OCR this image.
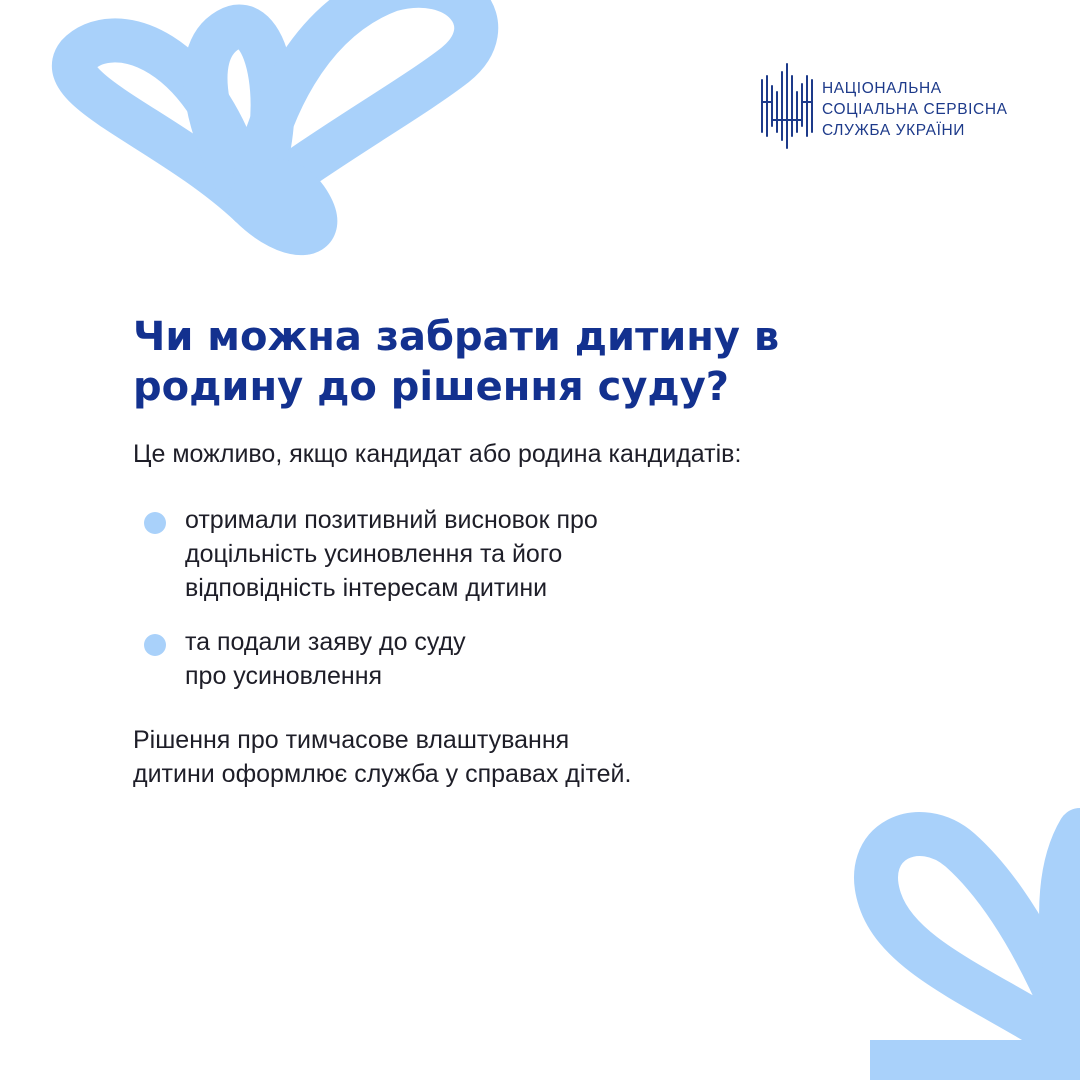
НАЦІОНАЛЬНА
СОЦІАЛЬНА СЕРВІСНА
СЛУЖБА УКРАЇНИ
Чи можна забрати дитину в
родину до рішення суду?

Це можливо, якщо кандидат або родина кандидатів:

отримали позитивний висновок про
доцільність усиновлення та його
відповідність інтересам дитини
та подали заяву до суду
про усиновлення
Рішення про тимчасове влаштування
дитини оформлює служба у справах дітей.
